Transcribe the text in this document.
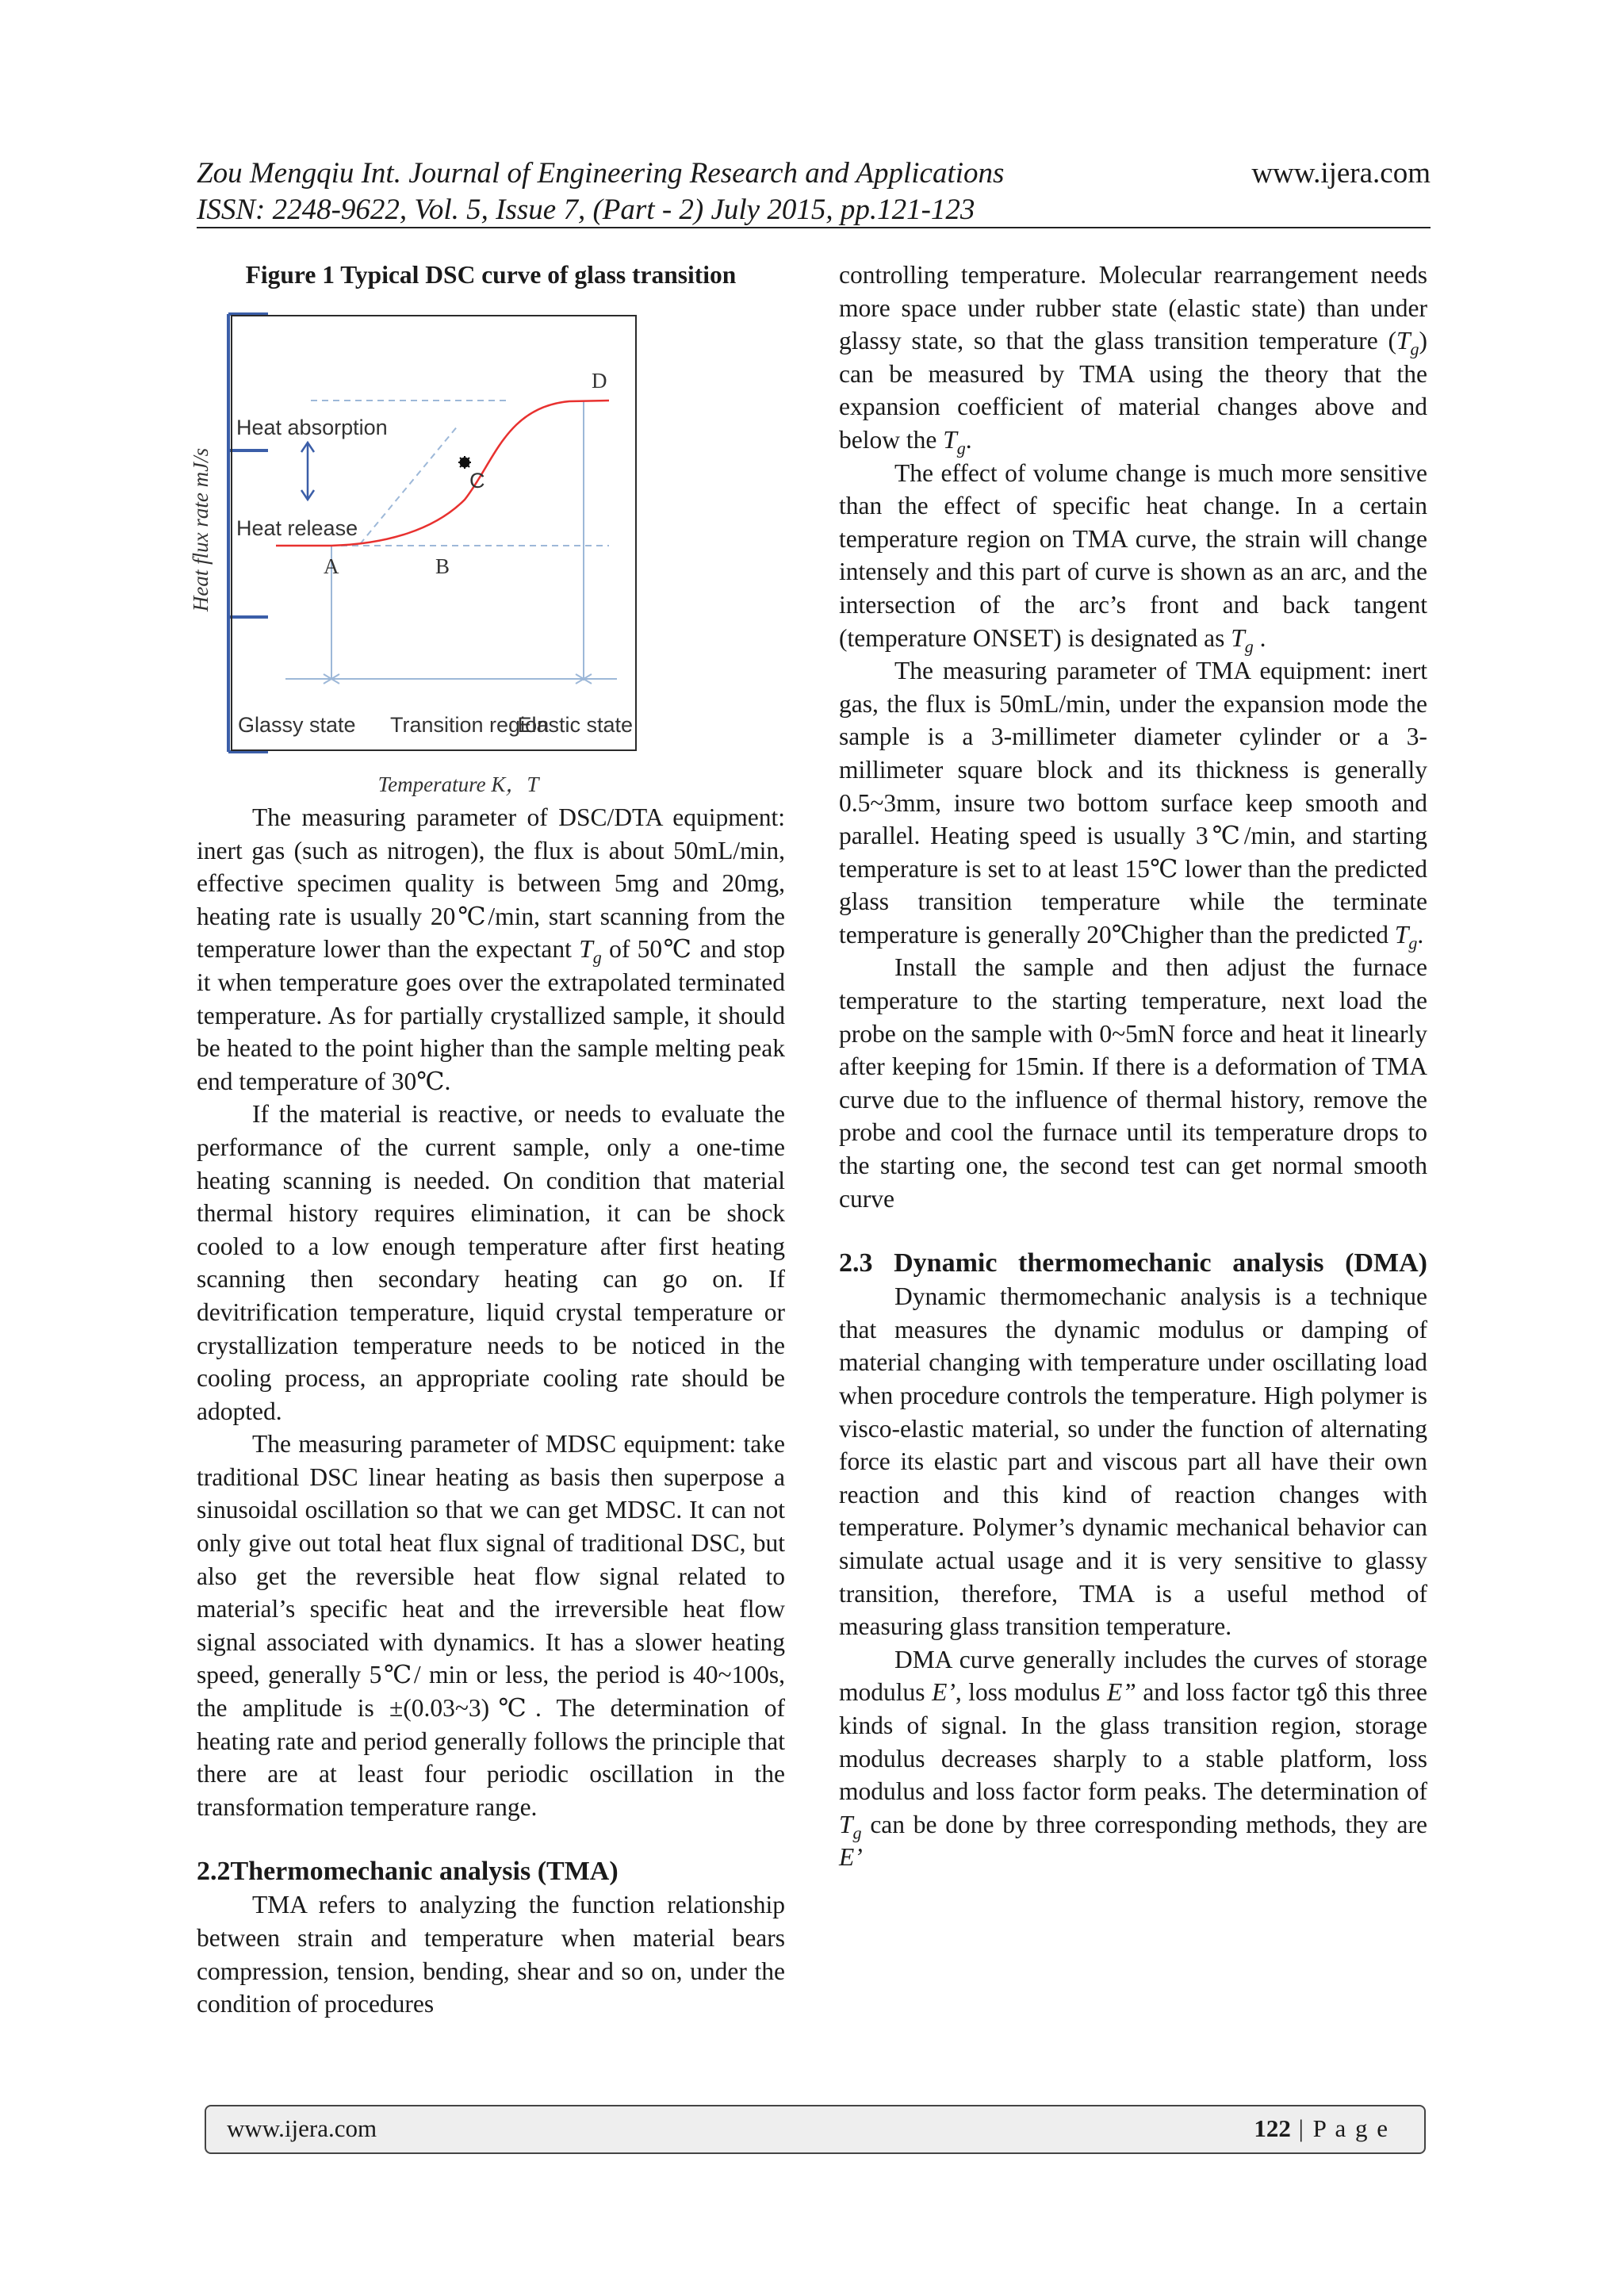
Zou Mengqiu Int. Journal of Engineering Research and Applications	www.ijera.com
ISSN: 2248-9622, Vol. 5, Issue 7, (Part - 2) July 2015, pp.121-123
Figure 1 Typical DSC curve of glass transition
Heat flux rate mJ/s
Heat absorption
Heat release
A	B
C
D
Glassy state Transition region
Elastic state
Temperature K，T

The measuring parameter of DSC/DTA equipment: inert gas (such as nitrogen), the flux is about 50mL/min, effective specimen quality is between 5mg and 20mg, heating rate is usually 20℃/min, start scanning from the temperature lower than the expectant $T_g$ of 50℃ and stop it when temperature goes over the extrapolated terminated temperature. As for partially crystallized sample, it should be heated to the point higher than the sample melting peak end temperature of 30℃.

If the material is reactive, or needs to evaluate the performance of the current sample, only a one-time heating scanning is needed. On condition that material thermal history requires elimination, it can be shock cooled to a low enough temperature after first heating scanning then secondary heating can go on. If devitrification temperature, liquid crystal temperature or crystallization temperature needs to be noticed in the cooling process, an appropriate cooling rate should be adopted.

The measuring parameter of MDSC equipment: take traditional DSC linear heating as basis then superpose a sinusoidal oscillation so that we can get MDSC. It can not only give out total heat flux signal of traditional DSC, but also get the reversible heat flow signal related to material’s specific heat and the irreversible heat flow signal associated with dynamics. It has a slower heating speed, generally 5℃/ min or less, the period is 40~100s, the amplitude is ±(0.03~3)℃. The determination of heating rate and period generally follows the principle that there are at least four periodic oscillation in the transformation temperature range.

2.2Thermomechanic analysis (TMA)

TMA refers to analyzing the function relationship between strain and temperature when material bears compression, tension, bending, shear and so on, under the condition of procedures

controlling temperature. Molecular rearrangement needs more space under rubber state (elastic state) than under glassy state, so that the glass transition temperature $(T_g)$ can be measured by TMA using the theory that the expansion coefficient of material changes above and below the $T_g$.

The effect of volume change is much more sensitive than the effect of specific heat change. In a certain temperature region on TMA curve, the strain will change intensely and this part of curve is shown as an arc, and the intersection of the arc’s front and back tangent (temperature ONSET) is designated as $T_g$ .

The measuring parameter of TMA equipment: inert gas, the flux is 50mL/min, under the expansion mode the sample is a 3-millimeter diameter cylinder or a 3-millimeter square block and its thickness is generally 0.5~3mm, insure two bottom surface keep smooth and parallel. Heating speed is usually 3℃/min, and starting temperature is set to at least 15℃ lower than the predicted glass transition temperature while the terminate temperature is generally 20℃higher than the predicted $T_g$.

Install the sample and then adjust the furnace temperature to the starting temperature, next load the probe on the sample with 0~5mN force and heat it linearly after keeping for 15min. If there is a deformation of TMA curve due to the influence of thermal history, remove the probe and cool the furnace until its temperature drops to the starting one, the second test can get normal smooth curve

2.3 Dynamic thermomechanic analysis (DMA)

Dynamic thermomechanic analysis is a technique that measures the dynamic modulus or damping of material changing with temperature under oscillating load when procedure controls the temperature. High polymer is visco-elastic material, so under the function of alternating force its elastic part and viscous part all have their own reaction and this kind of reaction changes with temperature. Polymer’s dynamic mechanical behavior can simulate actual usage and it is very sensitive to glassy transition, therefore, TMA is a useful method of measuring glass transition temperature.

DMA curve generally includes the curves of storage modulus E’, loss modulus E” and loss factor tgδ this three kinds of signal. In the glass transition region, storage modulus decreases sharply to a stable platform, loss modulus and loss factor form peaks. The determination of $T_g$ can be done by three corresponding methods, they are E’

www.ijera.com	122 | P a g e
